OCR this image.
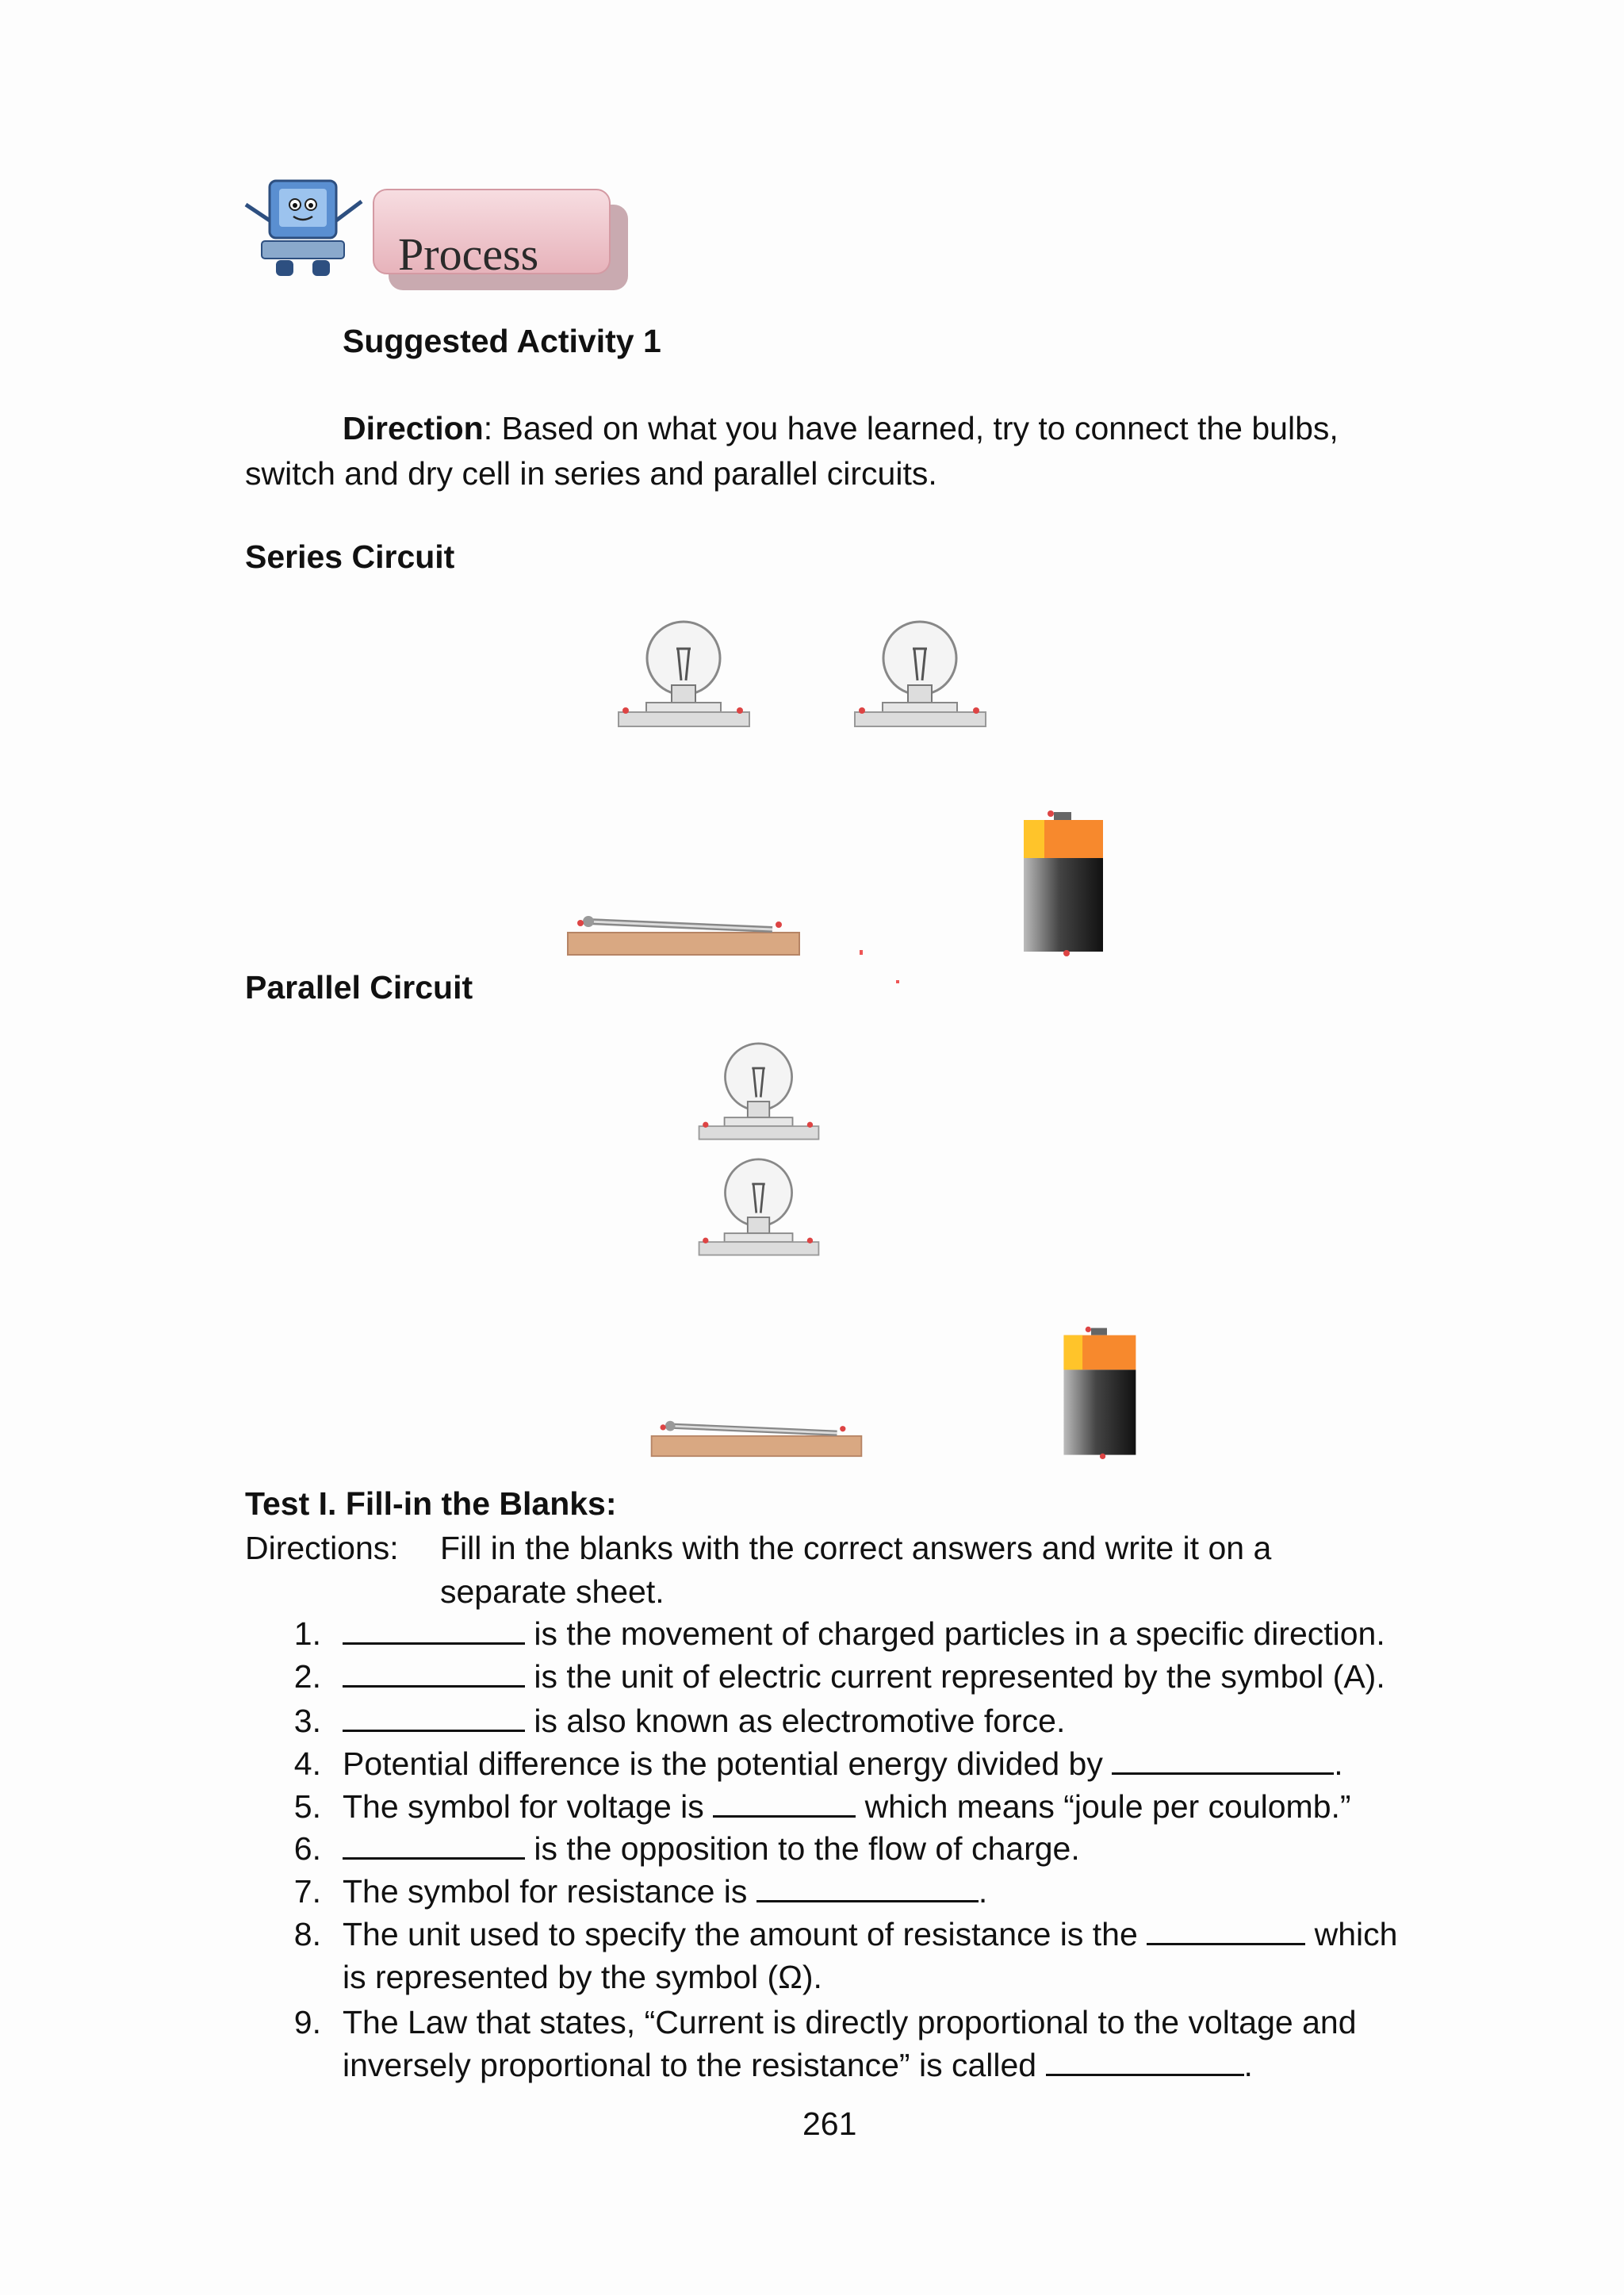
Process
Suggested Activity 1
Direction: Based on what you have learned, try to connect the bulbs,
switch and dry cell in series and parallel circuits.
Series Circuit
Parallel Circuit
Test I. Fill-in the Blanks:
Directions: Fill in the blanks with the correct answers and write it on a
separate sheet.
1.	is the movement of charged particles in a specific direction.
2.	is the unit of electric current represented by the symbol (A).
3.	is also known as electromotive force.
4. Potential difference is the potential energy divided by	.
5. The symbol for voltage is	which means “joule per coulomb.”
6.	is the opposition to the flow of charge.
7. The symbol for resistance is	.
8. The unit used to specify the amount of resistance is the	which
is represented by the symbol (Ω).
9. The Law that states, “Current is directly proportional to the voltage and
inversely proportional to the resistance” is called	.
261
